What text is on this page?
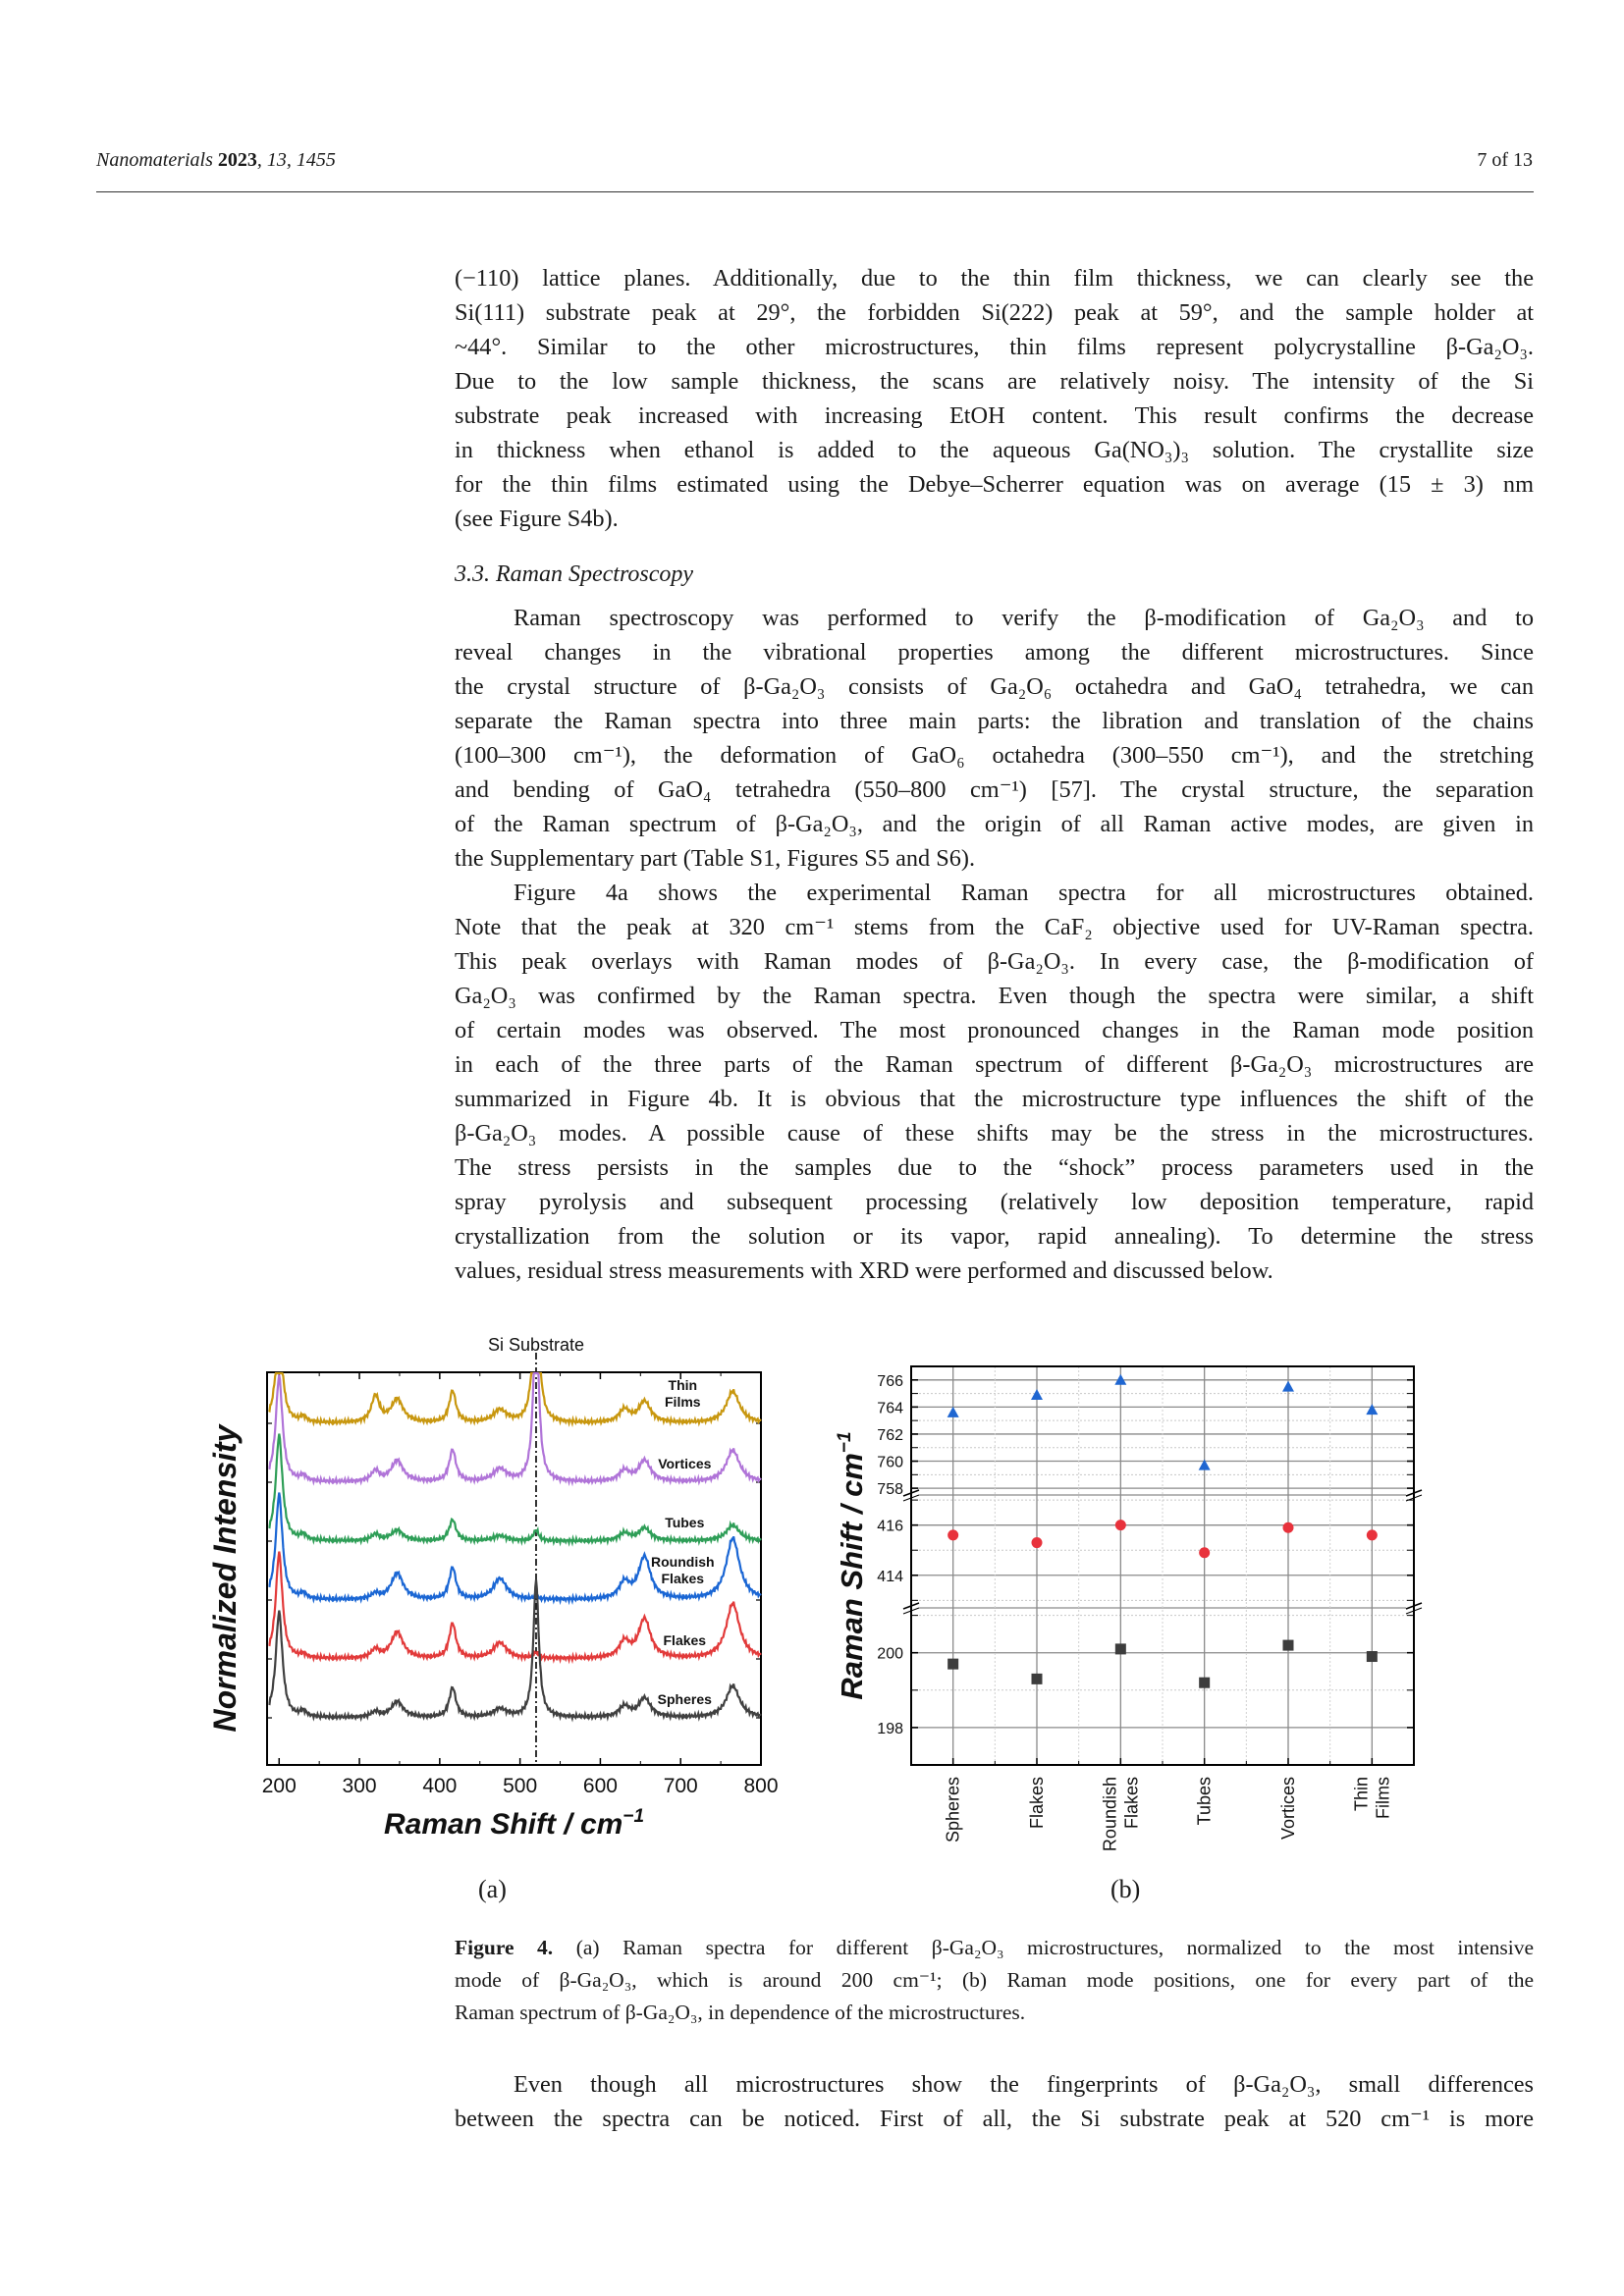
Nanomaterials 2023, 13, 1455	7 of 13
(−110) lattice planes. Additionally, due to the thin film thickness, we can clearly see the
Si(111) substrate peak at 29°, the forbidden Si(222) peak at 59°, and the sample holder at
~44°. Similar to the other microstructures, thin films represent polycrystalline β-Ga₂O₃.
Due to the low sample thickness, the scans are relatively noisy. The intensity of the Si
substrate peak increased with increasing EtOH content. This result confirms the decrease
in thickness when ethanol is added to the aqueous Ga(NO₃)₃ solution. The crystallite size
for the thin films estimated using the Debye–Scherrer equation was on average (15 ± 3) nm
(see Figure S4b).
3.3. Raman Spectroscopy
Raman spectroscopy was performed to verify the β-modification of Ga₂O₃ and to
reveal changes in the vibrational properties among the different microstructures. Since
the crystal structure of β-Ga₂O₃ consists of Ga₂O₆ octahedra and GaO₄ tetrahedra, we can
separate the Raman spectra into three main parts: the libration and translation of the chains
(100–300 cm⁻¹), the deformation of GaO₆ octahedra (300–550 cm⁻¹), and the stretching
and bending of GaO₄ tetrahedra (550–800 cm⁻¹) [57]. The crystal structure, the separation
of the Raman spectrum of β-Ga₂O₃, and the origin of all Raman active modes, are given in
the Supplementary part (Table S1, Figures S5 and S6).
Figure 4a shows the experimental Raman spectra for all microstructures obtained.
Note that the peak at 320 cm⁻¹ stems from the CaF₂ objective used for UV-Raman spectra.
This peak overlays with Raman modes of β-Ga₂O₃. In every case, the β-modification of
Ga₂O₃ was confirmed by the Raman spectra. Even though the spectra were similar, a shift
of certain modes was observed. The most pronounced changes in the Raman mode position
in each of the three parts of the Raman spectrum of different β-Ga₂O₃ microstructures are
summarized in Figure 4b. It is obvious that the microstructure type influences the shift of the
β-Ga₂O₃ modes. A possible cause of these shifts may be the stress in the microstructures.
The stress persists in the samples due to the “shock” process parameters used in the
spray pyrolysis and subsequent processing (relatively low deposition temperature, rapid
crystallization from the solution or its vapor, rapid annealing). To determine the stress
values, residual stress measurements with XRD were performed and discussed below.
200 300 400 500 600 700 800
Si Substrate
Thin
Films
Vortices
Tubes
Roundish
Flakes
Flakes
Spheres
Raman Shift / $cm^{-1}$
Normalized Intensity
(a)
758
760
762
764
766
414
416
198
200
Spheres	Flakes	Roundish Flakes	Tubes	Vortices	Thin Films
Raman Shift / $cm^{-1}$
(b)
Figure 4. (a) Raman spectra for different β-Ga₂O₃ microstructures, normalized to the most intensive
mode of β-Ga₂O₃, which is around 200 cm⁻¹; (b) Raman mode positions, one for every part of the
Raman spectrum of β-Ga₂O₃, in dependence of the microstructures.
Even though all microstructures show the fingerprints of β-Ga₂O₃, small differences
between the spectra can be noticed. First of all, the Si substrate peak at 520 cm⁻¹ is more
